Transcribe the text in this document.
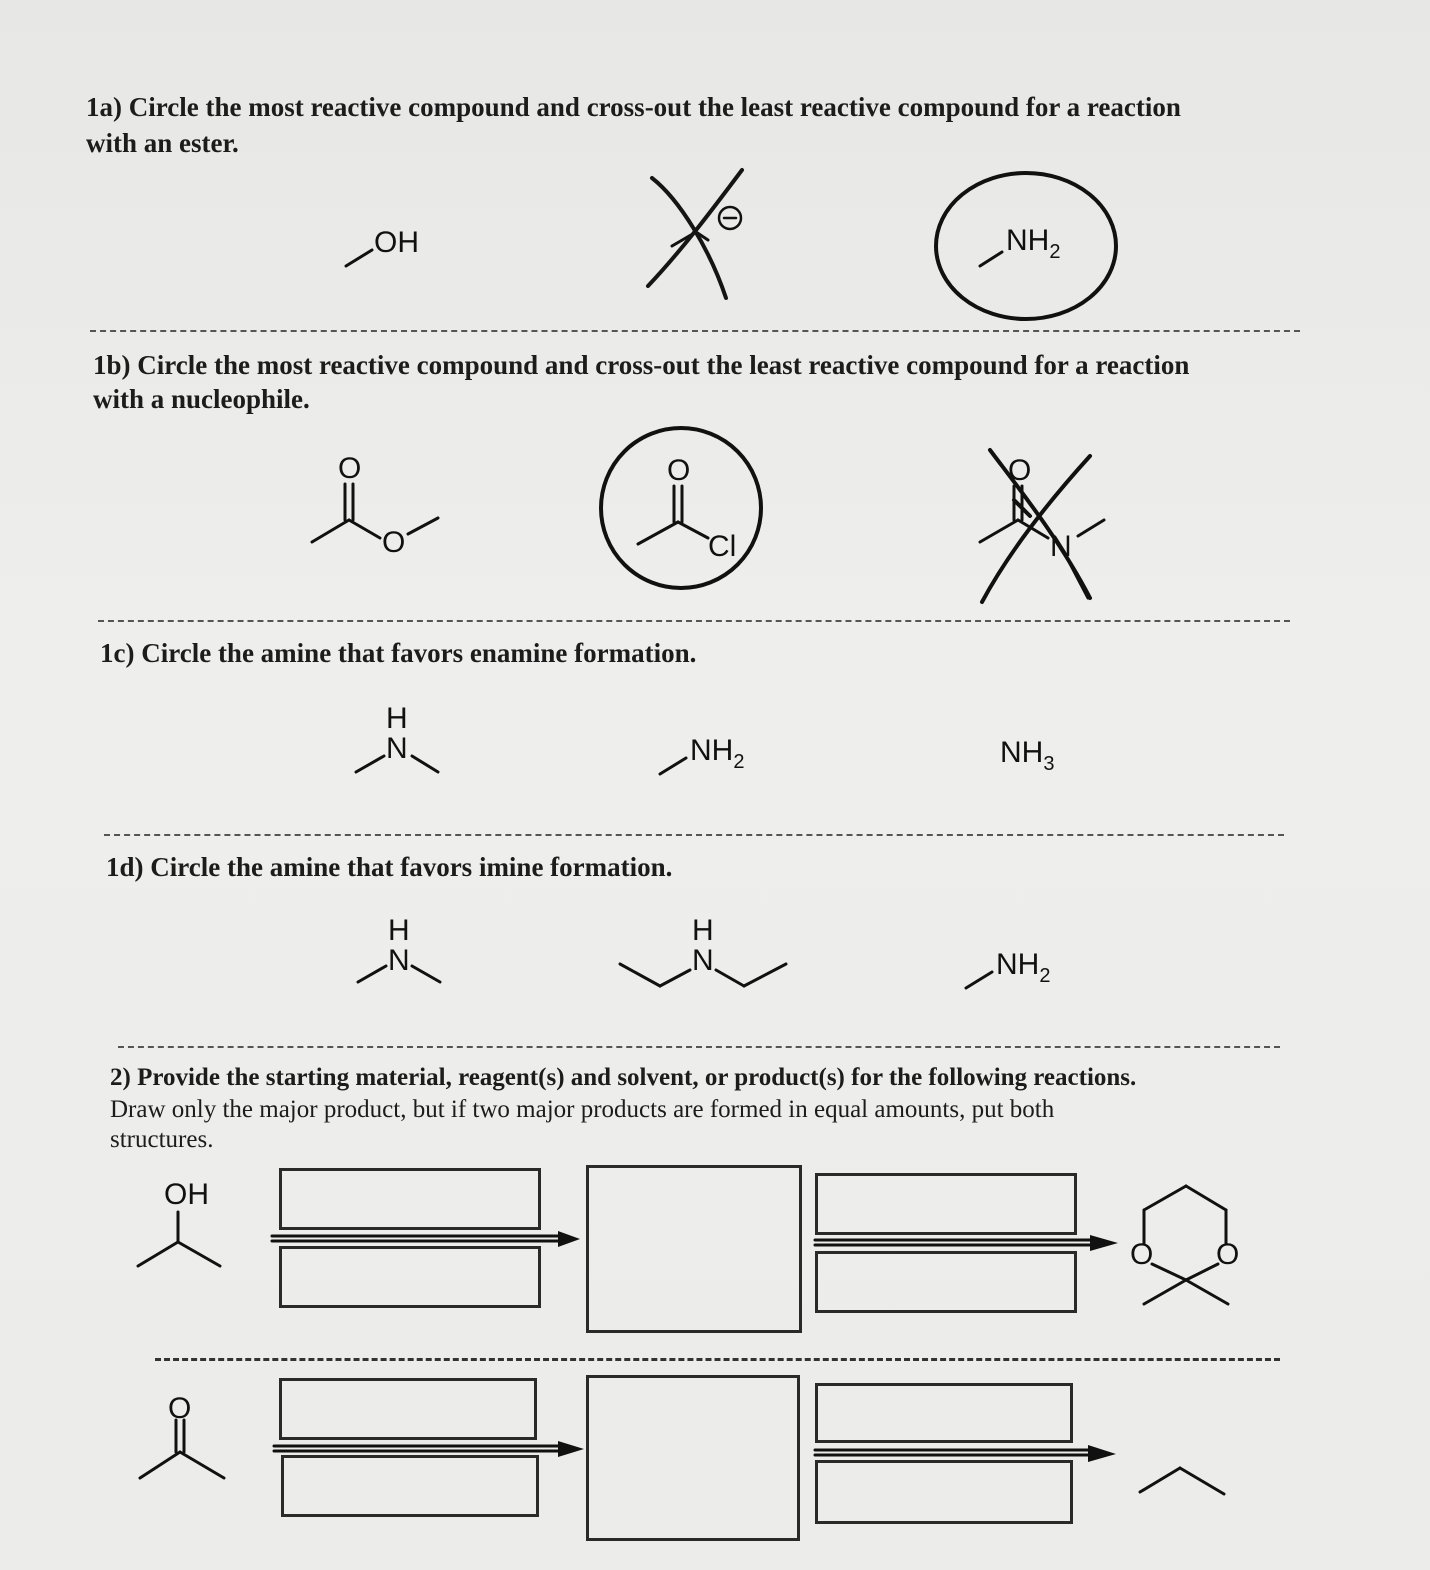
1a) Circle the most reactive compound and cross-out the least reactive compound for a reaction
with an ester.
1b) Circle the most reactive compound and cross-out the least reactive compound for a reaction
with a nucleophile.
1c) Circle the amine that favors enamine formation.
1d) Circle the amine that favors imine formation.
2) Provide the starting material, reagent(s) and solvent, or product(s) for the following reactions.
Draw only the major product, but if two major products are formed in equal amounts, put both
structures.
OH	$NH_2$
O
O
O
Cl
O
N
H
N	$NH_2$	$NH_3$
H
N
H
N	$NH_2$
OH
O O
O
